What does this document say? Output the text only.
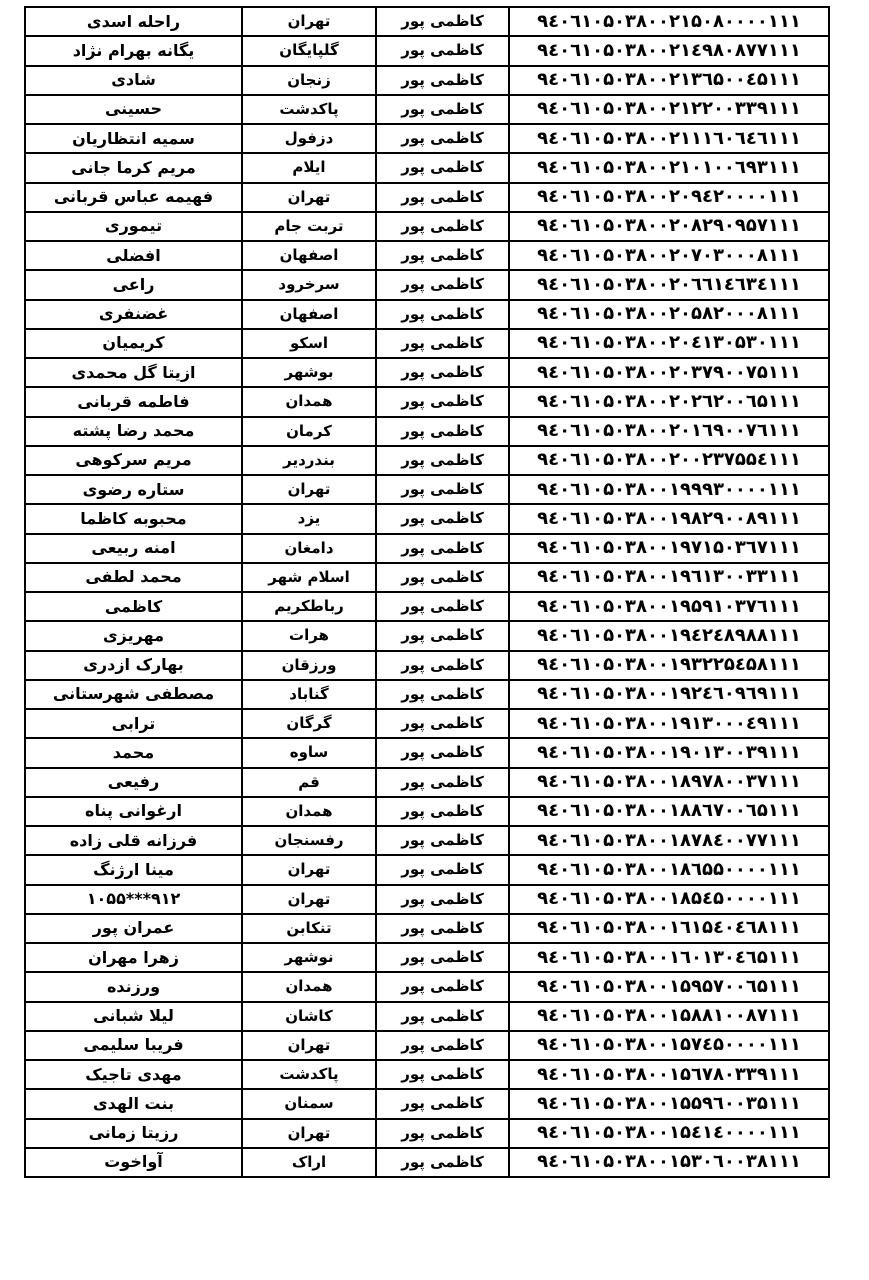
۹٤۰٦۱۰۵۰۳۸۰۰۲۱۵۰۸۰۰۰۰۱۱۱	کاظمی پور	تهران	راحله اسدی
۹٤۰٦۱۰۵۰۳۸۰۰۲۱٤۹۸۰۸۷۷۱۱۱	کاظمی پور	گلپایگان	یگانه بهرام نژاد
۹٤۰٦۱۰۵۰۳۸۰۰۲۱۳٦۵۰۰٤۵۱۱۱	کاظمی پور	زنجان	شادی
۹٤۰٦۱۰۵۰۳۸۰۰۲۱۲۲۰۰۳۳۹۱۱۱	کاظمی پور	پاکدشت	حسینی
۹٤۰٦۱۰۵۰۳۸۰۰۲۱۱۱٦۰٦٤٦۱۱۱	کاظمی پور	دزفول	سمیه انتظاریان
۹٤۰٦۱۰۵۰۳۸۰۰۲۱۰۱۰۰٦۹۳۱۱۱	کاظمی پور	ایلام	مریم کرما جانی
۹٤۰٦۱۰۵۰۳۸۰۰۲۰۹٤۲۰۰۰۰۱۱۱	کاظمی پور	تهران	فهیمه عباس قربانی
۹٤۰٦۱۰۵۰۳۸۰۰۲۰۸۲۹۰۹۵۷۱۱۱	کاظمی پور	تربت جام	تیموری
۹٤۰٦۱۰۵۰۳۸۰۰۲۰۷۰۳۰۰۰۸۱۱۱	کاظمی پور	اصفهان	افضلی
۹٤۰٦۱۰۵۰۳۸۰۰۲۰٦٦۱٤٦۳٤۱۱۱	کاظمی پور	سرخرود	راعی
۹٤۰٦۱۰۵۰۳۸۰۰۲۰۵۸۲۰۰۰۸۱۱۱	کاظمی پور	اصفهان	غضنفری
۹٤۰٦۱۰۵۰۳۸۰۰۲۰٤۱۳۰۵۳۰۱۱۱	کاظمی پور	اسکو	کریمیان
۹٤۰٦۱۰۵۰۳۸۰۰۲۰۳۷۹۰۰۷۵۱۱۱	کاظمی پور	بوشهر	ازیتا گل محمدی
۹٤۰٦۱۰۵۰۳۸۰۰۲۰۲٦۲۰۰٦۵۱۱۱	کاظمی پور	همدان	فاطمه قربانی
۹٤۰٦۱۰۵۰۳۸۰۰۲۰۱٦۹۰۰۷٦۱۱۱	کاظمی پور	کرمان	محمد رضا پشته
۹٤۰٦۱۰۵۰۳۸۰۰۲۰۰۲۳۷۵۵٤۱۱۱	کاظمی پور	بندردیر	مریم سرکوهی
۹٤۰٦۱۰۵۰۳۸۰۰۱۹۹۹۳۰۰۰۰۱۱۱	کاظمی پور	تهران	ستاره رضوی
۹٤۰٦۱۰۵۰۳۸۰۰۱۹۸۲۹۰۰۸۹۱۱۱	کاظمی پور	یزد	محبوبه کاظما
۹٤۰٦۱۰۵۰۳۸۰۰۱۹۷۱۵۰۳٦۷۱۱۱	کاظمی پور	دامغان	امنه ربیعی
۹٤۰٦۱۰۵۰۳۸۰۰۱۹٦۱۳۰۰۳۳۱۱۱	کاظمی پور	اسلام شهر	محمد لطفی
۹٤۰٦۱۰۵۰۳۸۰۰۱۹۵۹۱۰۳۷٦۱۱۱	کاظمی پور	رباطکریم	کاظمی
۹٤۰٦۱۰۵۰۳۸۰۰۱۹٤۲٤۸۹۸۸۱۱۱	کاظمی پور	هرات	مهریزی
۹٤۰٦۱۰۵۰۳۸۰۰۱۹۳۲۲۵٤۵۸۱۱۱	کاظمی پور	ورزقان	بهارک ازدری
۹٤۰٦۱۰۵۰۳۸۰۰۱۹۲٤٦۰۹٦۹۱۱۱	کاظمی پور	گناباد	مصطفی شهرستانی
۹٤۰٦۱۰۵۰۳۸۰۰۱۹۱۳۰۰۰٤۹۱۱۱	کاظمی پور	گرگان	ترابی
۹٤۰٦۱۰۵۰۳۸۰۰۱۹۰۱۳۰۰۳۹۱۱۱	کاظمی پور	ساوه	محمد
۹٤۰٦۱۰۵۰۳۸۰۰۱۸۹۷۸۰۰۳۷۱۱۱	کاظمی پور	قم	رفیعی
۹٤۰٦۱۰۵۰۳۸۰۰۱۸۸٦۷۰۰٦۵۱۱۱	کاظمی پور	همدان	ارغوانی پناه
۹٤۰٦۱۰۵۰۳۸۰۰۱۸۷۸٤۰۰۷۷۱۱۱	کاظمی پور	رفسنجان	فرزانه قلی زاده
۹٤۰٦۱۰۵۰۳۸۰۰۱۸٦۵۵۰۰۰۰۱۱۱	کاظمی پور	تهران	مینا ارژنگ
۹٤۰٦۱۰۵۰۳۸۰۰۱۸۵٤۵۰۰۰۰۱۱۱	کاظمی پور	تهران	۹۱۲***۱۰۵۵
۹٤۰٦۱۰۵۰۳۸۰۰۱٦۱۵٤۰٤٦۸۱۱۱	کاظمی پور	تنکابن	عمران پور
۹٤۰٦۱۰۵۰۳۸۰۰۱٦۰۱۳۰٤٦۵۱۱۱	کاظمی پور	نوشهر	زهرا مهران
۹٤۰٦۱۰۵۰۳۸۰۰۱۵۹۵۷۰۰٦۵۱۱۱	کاظمی پور	همدان	ورزنده
۹٤۰٦۱۰۵۰۳۸۰۰۱۵۸۸۱۰۰۸۷۱۱۱	کاظمی پور	کاشان	لیلا شبانی
۹٤۰٦۱۰۵۰۳۸۰۰۱۵۷٤۵۰۰۰۰۱۱۱	کاظمی پور	تهران	فریبا سلیمی
۹٤۰٦۱۰۵۰۳۸۰۰۱۵٦۷۸۰۳۳۹۱۱۱	کاظمی پور	پاکدشت	مهدی تاجیک
۹٤۰٦۱۰۵۰۳۸۰۰۱۵۵۹٦۰۰۳۵۱۱۱	کاظمی پور	سمنان	بنت الهدی
۹٤۰٦۱۰۵۰۳۸۰۰۱۵٤۱٤۰۰۰۰۱۱۱	کاظمی پور	تهران	رزیتا زمانی
۹٤۰٦۱۰۵۰۳۸۰۰۱۵۳۰٦۰۰۳۸۱۱۱	کاظمی پور	اراک	آواخوت
